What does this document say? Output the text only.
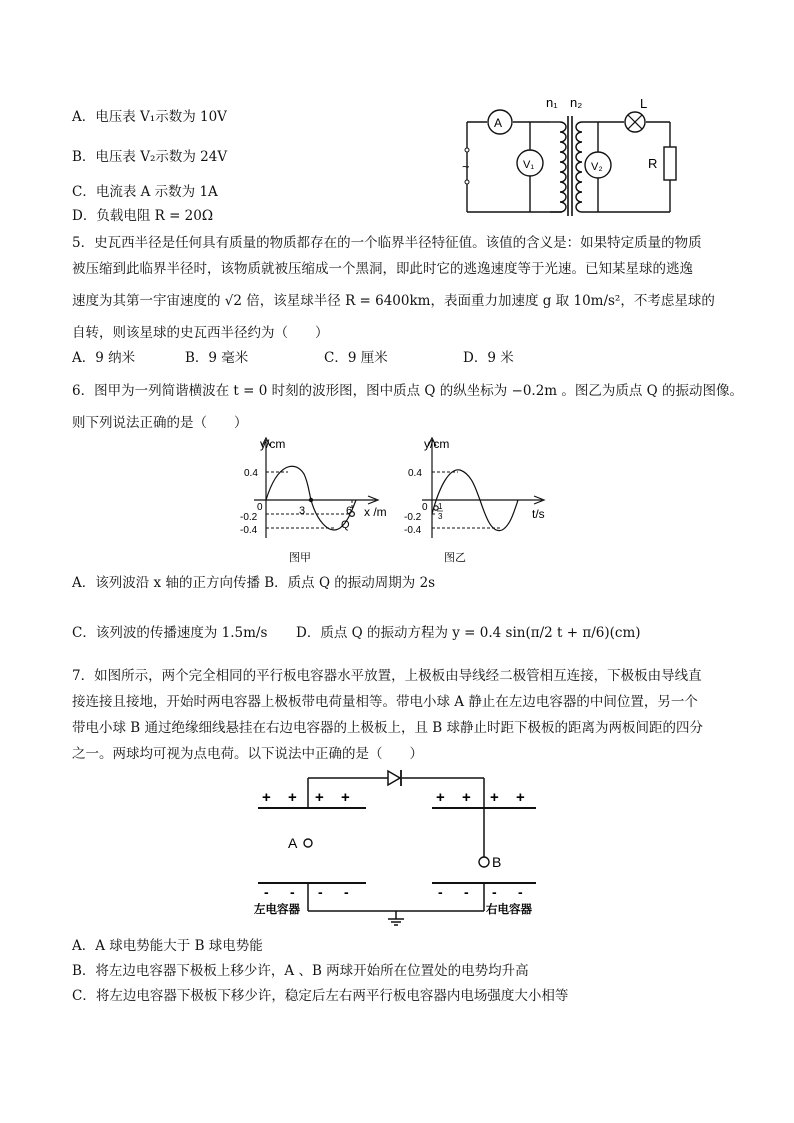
A．电压表 V₁示数为 10V
B．电压表 V₂示数为 24V
C．电流表 A 示数为 1A
D．负载电阻 R = 20Ω
~
A
V₁	V₂
n₁ n₂	L
R
5．史瓦西半径是任何具有质量的物质都存在的一个临界半径特征值。该值的含义是：如果特定质量的物质
被压缩到此临界半径时，该物质就被压缩成一个黑洞，即此时它的逃逸速度等于光速。已知某星球的逃逸
速度为其第一宇宙速度的 √2 倍，该星球半径 R = 6400km，表面重力加速度 g 取 10m/s²，不考虑星球的
自转，则该星球的史瓦西半径约为（　　）
A．9 纳米	B．9 毫米	C．9 厘米	D．9 米
6．图甲为一列简谐横波在 t = 0 时刻的波形图，图中质点 Q 的纵坐标为 −0.2m 。图乙为质点 Q 的振动图像。
则下列说法正确的是（　　）
y/cm
x /m
0.4
-0.2
-0.4
0	3	6
Q
图甲
y/cm
t/s
0.4
-0.2
-0.4
0 1
3
图乙
A．该列波沿 x 轴的正方向传播 B．质点 Q 的振动周期为 2s
C．该列波的传播速度为 1.5m/s D．质点 Q 的振动方程为 y = 0.4 sin(π/2 t + π/6)(cm)
7．如图所示，两个完全相同的平行板电容器水平放置，上极板由导线经二极管相互连接，下极板由导线直
接连接且接地，开始时两电容器上极板带电荷量相等。带电小球 A 静止在左边电容器的中间位置，另一个
带电小球 B 通过绝缘细线悬挂在右边电容器的上极板上，且 B 球静止时距下极板的距离为两板间距的四分
之一。两球均可视为点电荷。以下说法中正确的是（　　）
+ + + +	+ + + +
- - - -	- - - -
A
B
左电容器	右电容器
A．A 球电势能大于 B 球电势能
B．将左边电容器下极板上移少许，A 、B 两球开始所在位置处的电势均升高
C．将左边电容器下极板下移少许，稳定后左右两平行板电容器内电场强度大小相等
